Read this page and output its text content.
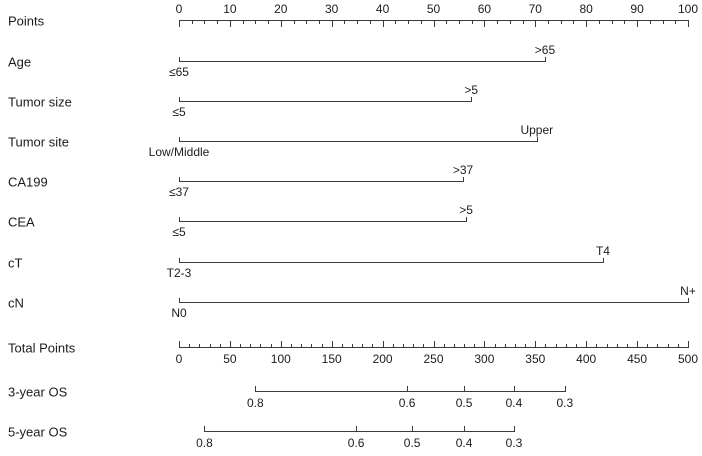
Points
0	10	20	30	40	50	60	70	80	90	100
Age
≤65
>65
Tumor size
≤5
>5
Tumor site
Low/Middle
Upper
CA199
≤37
>37
CEA
≤5
>5
cT
T2-3
T4
cN
N0
N+
Total Points
0	50	100	150	200	250	300	350	400	450	500
3-year OS
0.8	0.6	0.5	0.4	0.3
5-year OS
0.8	0.6	0.5	0.4	0.3
